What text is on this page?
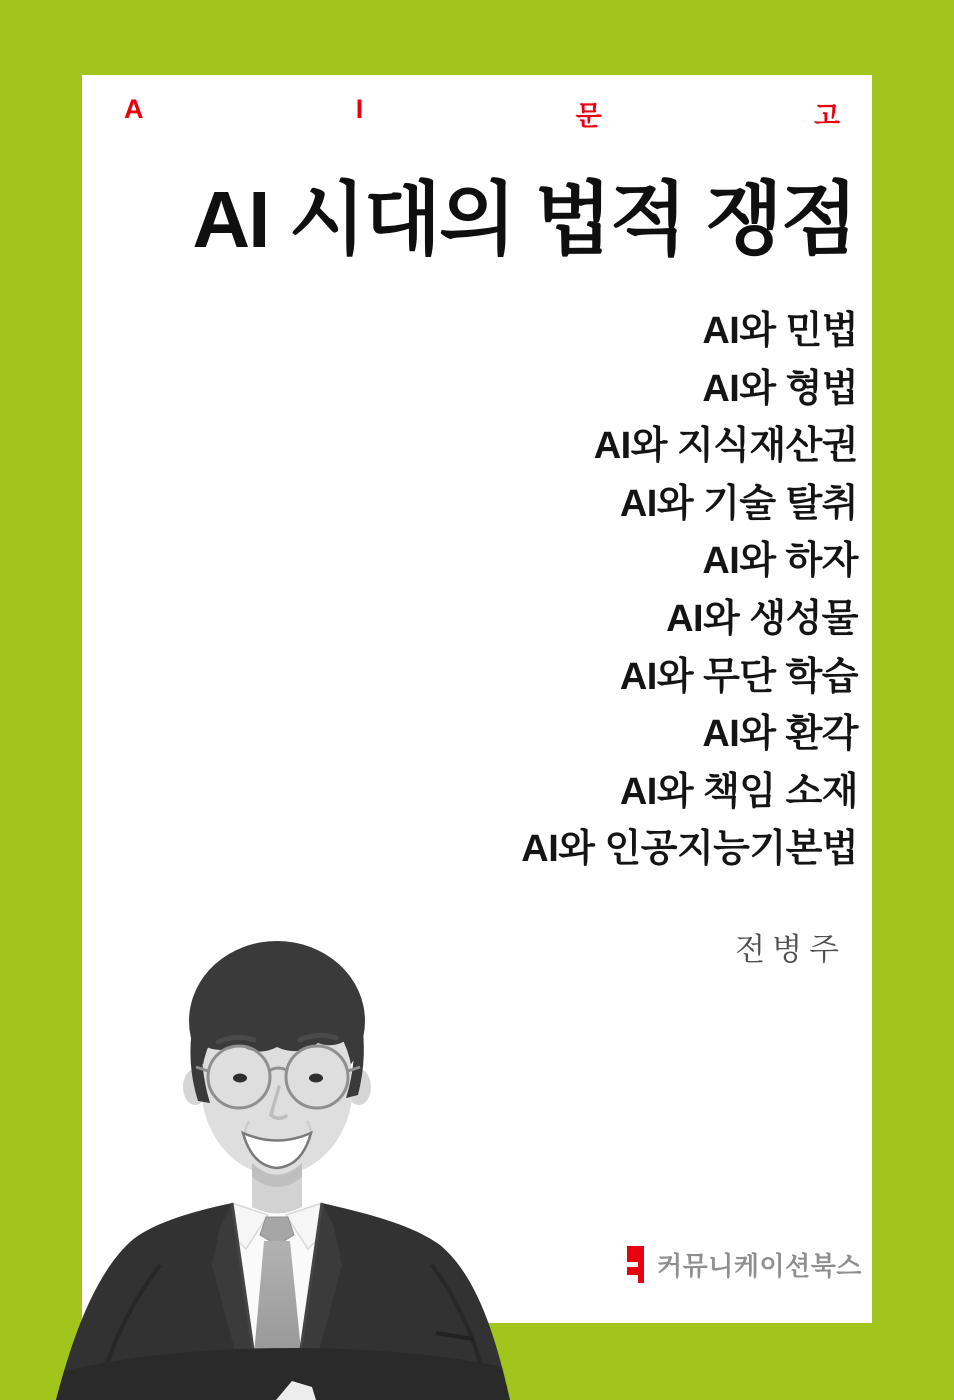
A	I	문	고
AI 시대의 법적 쟁점
AI와 민법
AI와 형법
AI와 지식재산권
AI와 기술 탈취
AI와 하자
AI와 생성물
AI와 무단 학습
AI와 환각
AI와 책임 소재
AI와 인공지능기본법
전병주
커뮤니케이션북스
